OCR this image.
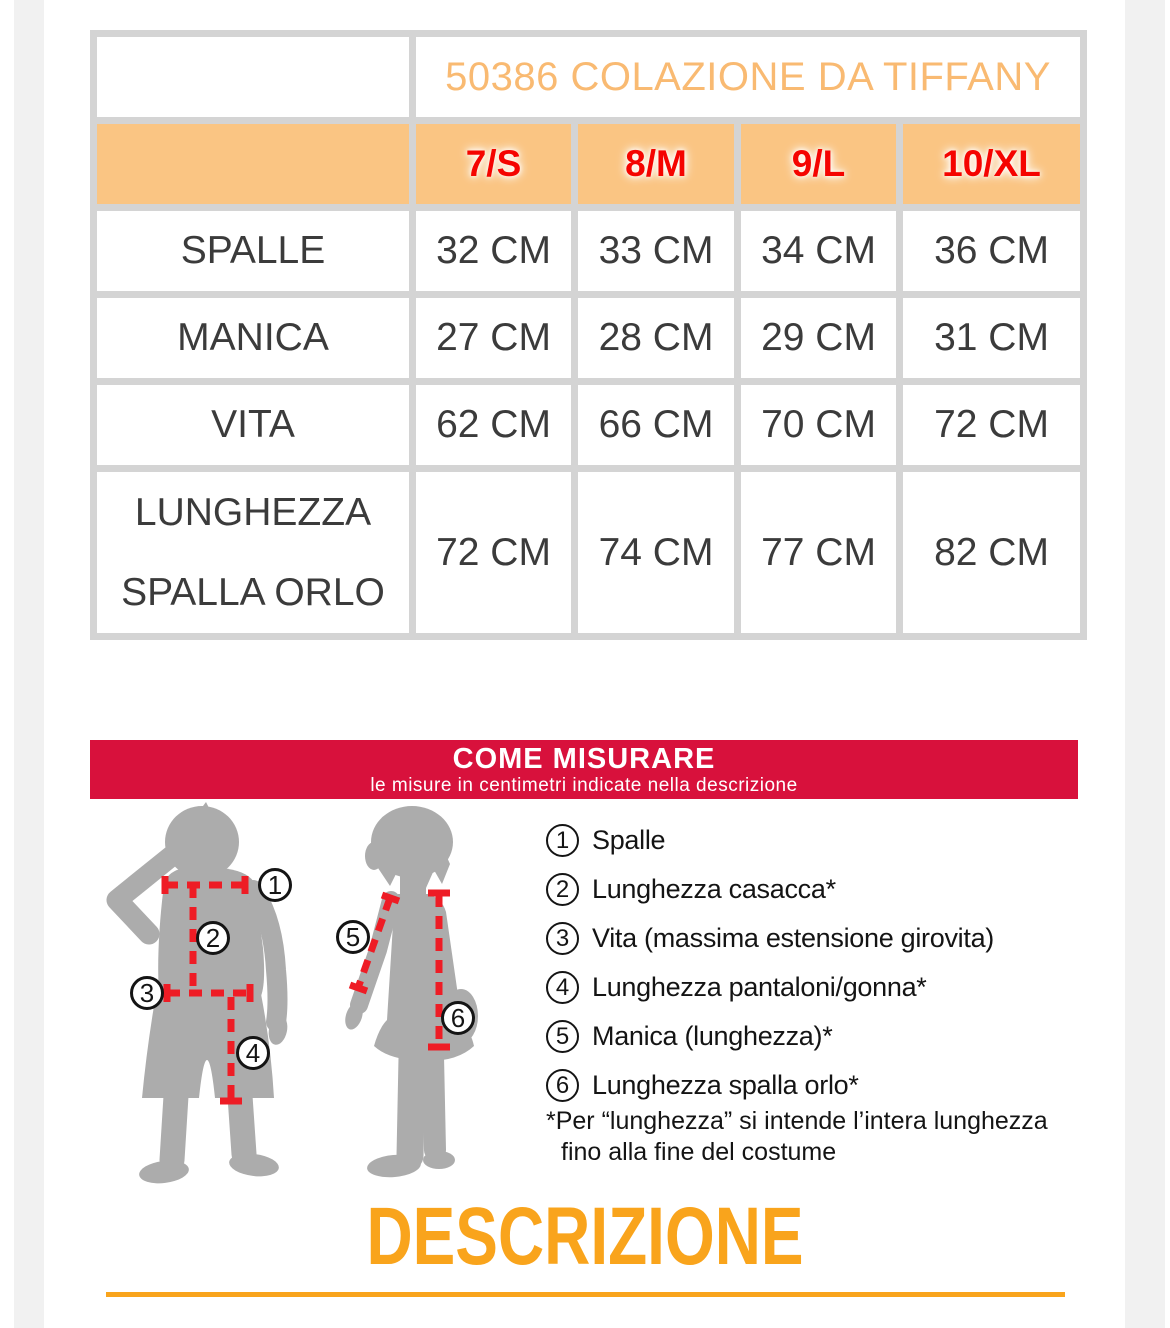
	50386 COLAZIONE DA TIFFANY			
	7/S	8/M	9/L	10/XL
SPALLE	32 CM	33 CM	34 CM	36 CM
MANICA	27 CM	28 CM	29 CM	31 CM
VITA	62 CM	66 CM	70 CM	72 CM

LUNGHEZZA
SPALLA ORLO	72 CM	74 CM	77 CM	82 CM
COME MISURARE
le misure in centimetri indicate nella descrizione
1
2
3
4
5
6
1 Spalle
2 Lunghezza casacca*
3 Vita (massima estensione girovita)
4 Lunghezza pantaloni/gonna*
5 Manica (lunghezza)*
6 Lunghezza spalla orlo*
*Per “lunghezza” si intende l’intera lunghezza
fino alla fine del costume
DESCRIZIONE
